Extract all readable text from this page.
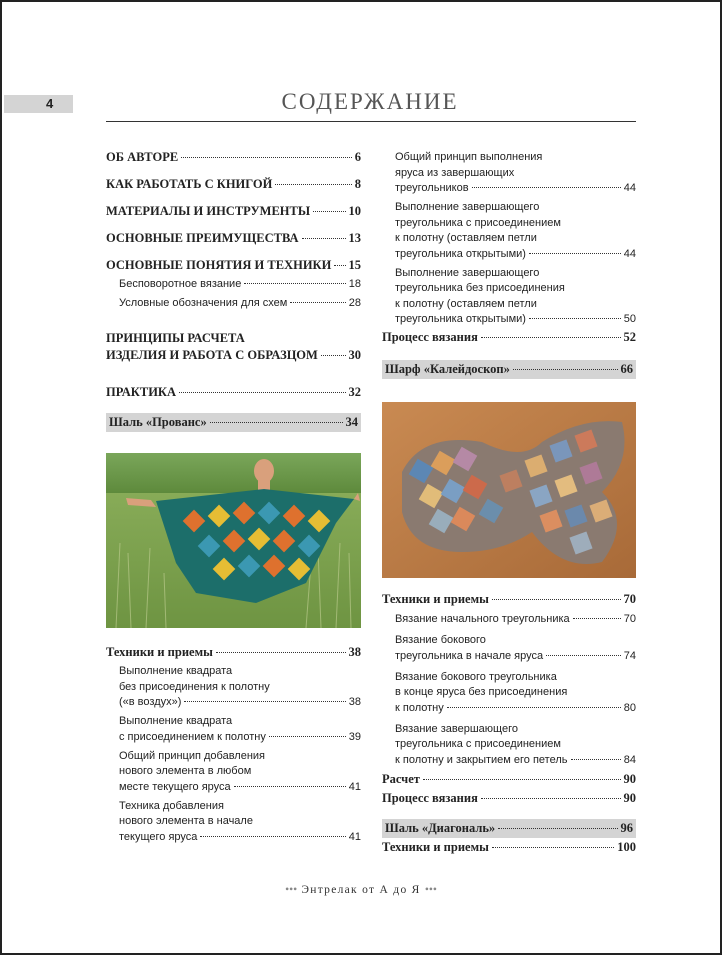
4	СОДЕРЖАНИЕ
ОБ АВТОРЕ	6
КАК РАБОТАТЬ С КНИГОЙ	8
МАТЕРИАЛЫ И ИНСТРУМЕНТЫ	10
ОСНОВНЫЕ ПРЕИМУЩЕСТВА	13
ОСНОВНЫЕ ПОНЯТИЯ И ТЕХНИКИ 15
Бесповоротное вязание	18
Условные обозначения для схем	28
ПРИНЦИПЫ РАСЧЕТА
ИЗДЕЛИЯ И РАБОТА С ОБРАЗЦОМ 30
ПРАКТИКА	32
Шаль «Прованс»	34
Техники и приемы	38
Выполнение квадрата
без присоединения к полотну
(«в воздух»)	38
Выполнение квадрата
с присоединением к полотну	39
Общий принцип добавления
нового элемента в любом
месте текущего яруса	41
Техника добавления
нового элемента в начале
текущего яруса	41
Общий принцип выполнения
яруса из завершающих
треугольников	44
Выполнение завершающего
треугольника с присоединением
к полотну (оставляем петли
треугольника открытыми)	44
Выполнение завершающего
треугольника без присоединения
к полотну (оставляем петли
треугольника открытыми)	50
Процесс вязания	52
Шарф «Калейдоскоп»	66
Техники и приемы	70
Вязание начального треугольника	70
Вязание бокового
треугольника в начале яруса	74
Вязание бокового треугольника
в конце яруса без присоединения
к полотну	80
Вязание завершающего
треугольника с присоединением
к полотну и закрытием его петель	84
Расчет	90
Процесс вязания	90
Шаль «Диагональ»	96
Техники и приемы	100
••• Энтрелак от А до Я •••
